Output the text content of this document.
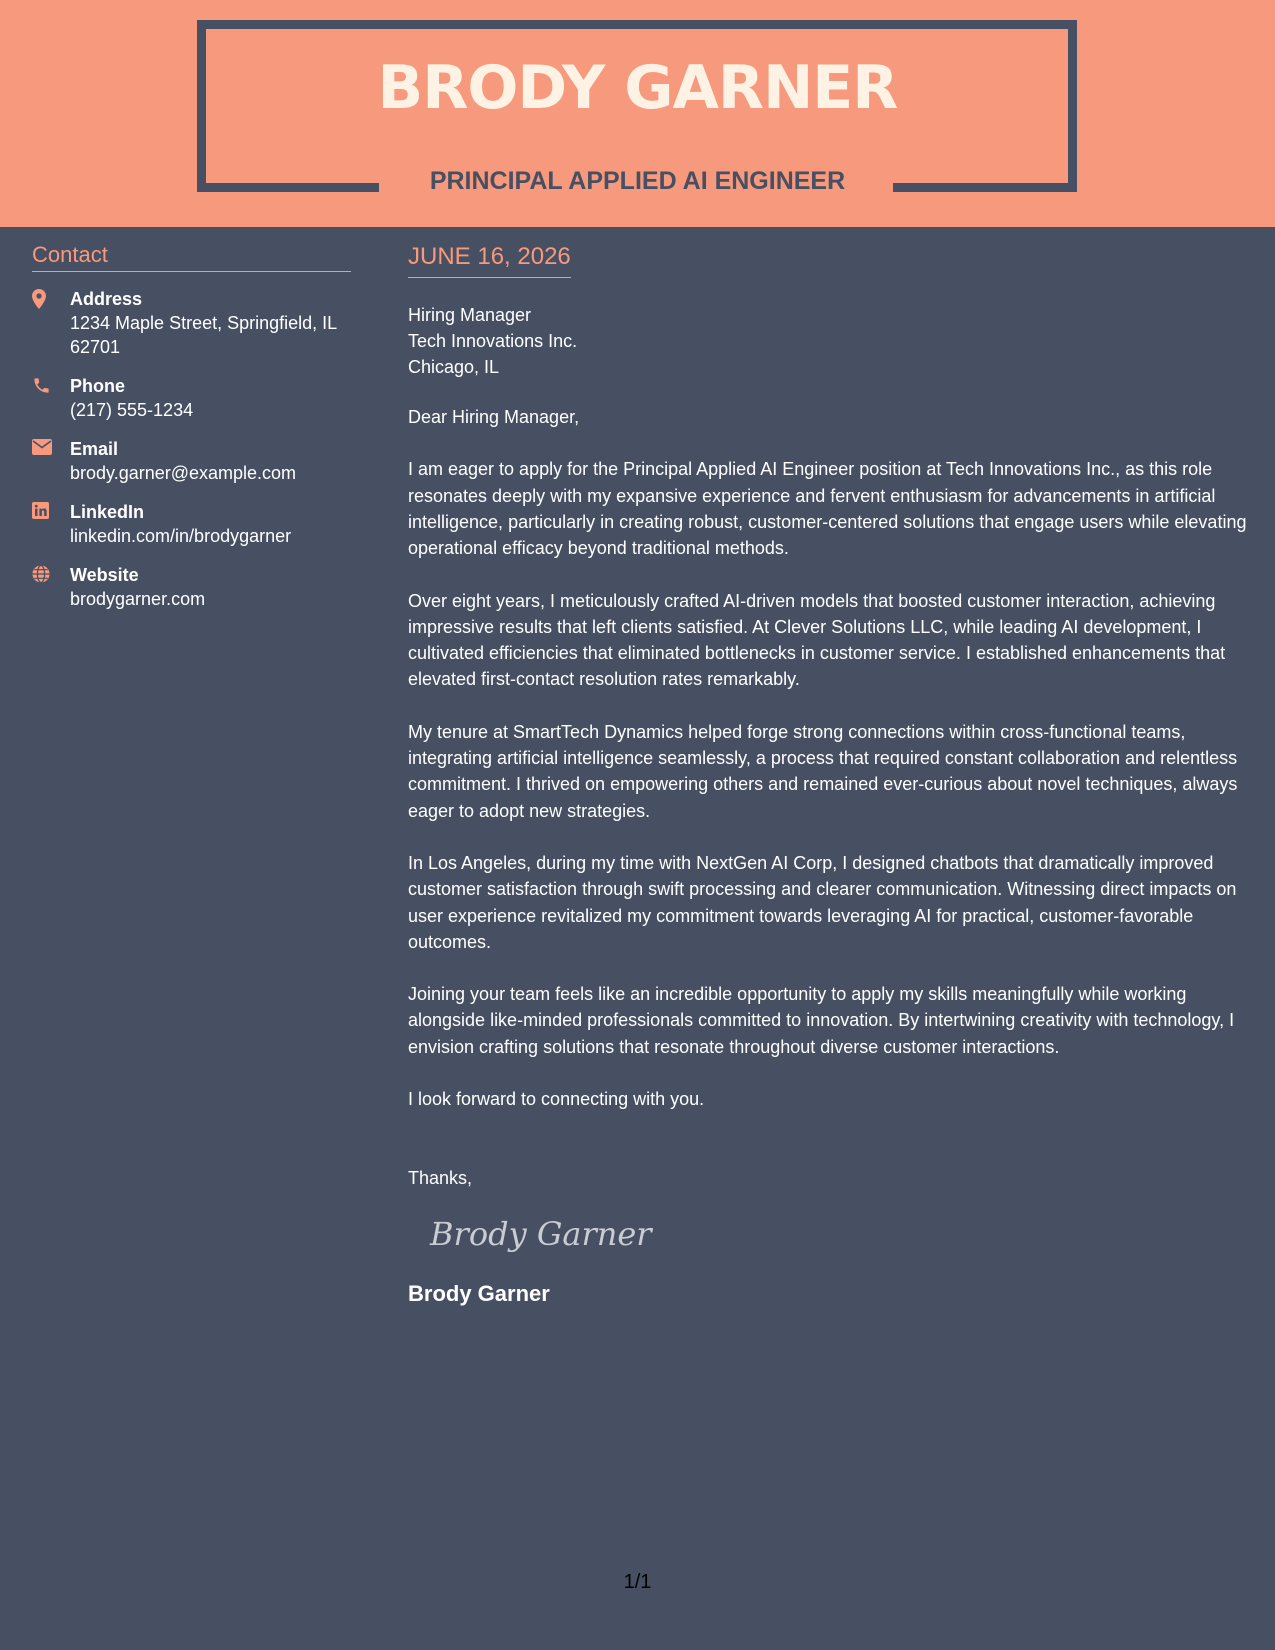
BRODY GARNER
PRINCIPAL APPLIED AI ENGINEER
Contact
Address
1234 Maple Street, Springfield, IL 62701
Phone
(217) 555-1234
Email
brody.garner@example.com
LinkedIn
linkedin.com/in/brodygarner
Website
brodygarner.com
JUNE 16, 2026
Hiring Manager
Tech Innovations Inc.
Chicago, IL
Dear Hiring Manager,
I am eager to apply for the Principal Applied AI Engineer position at Tech Innovations Inc., as this role resonates deeply with my expansive experience and fervent enthusiasm for advancements in artificial intelligence, particularly in creating robust, customer-centered solutions that engage users while elevating operational efficacy beyond traditional methods.
Over eight years, I meticulously crafted AI-driven models that boosted customer interaction, achieving impressive results that left clients satisfied. At Clever Solutions LLC, while leading AI development, I cultivated efficiencies that eliminated bottlenecks in customer service. I established enhancements that elevated first-contact resolution rates remarkably.
My tenure at SmartTech Dynamics helped forge strong connections within cross-functional teams, integrating artificial intelligence seamlessly, a process that required constant collaboration and relentless commitment. I thrived on empowering others and remained ever-curious about novel techniques, always eager to adopt new strategies.
In Los Angeles, during my time with NextGen AI Corp, I designed chatbots that dramatically improved customer satisfaction through swift processing and clearer communication. Witnessing direct impacts on user experience revitalized my commitment towards leveraging AI for practical, customer-favorable outcomes.
Joining your team feels like an incredible opportunity to apply my skills meaningfully while working alongside like-minded professionals committed to innovation. By intertwining creativity with technology, I envision crafting solutions that resonate throughout diverse customer interactions.
I look forward to connecting with you.
Thanks,
Brody Garner
Brody Garner
1/1
